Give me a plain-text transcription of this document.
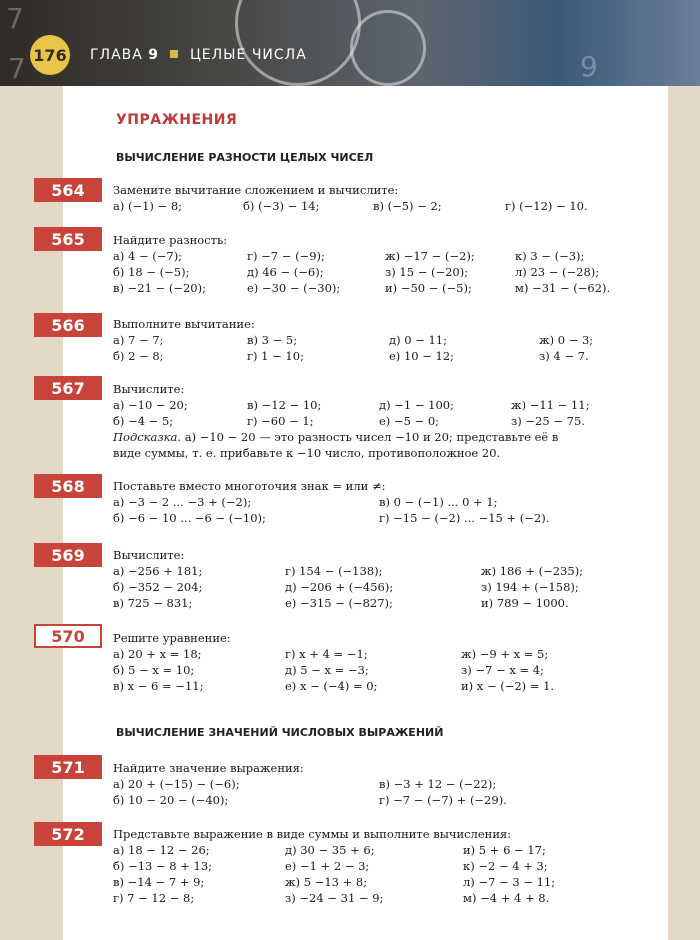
7
7	9
176 ГЛАВА 9 ЦЕЛЫЕ ЧИСЛА
УПРАЖНЕНИЯ
ВЫЧИСЛЕНИЕ РАЗНОСТИ ЦЕЛЫХ ЧИСЕЛ
564	Замените вычитание сложением и вычислите:
а) (−1) − 8;	б) (−3) − 14;	в) (−5) − 2;	г) (−12) − 10.
565	Найдите разность:
а) 4 − (−7);	г) −7 − (−9);	ж) −17 − (−2);	к) 3 − (−3);
б) 18 − (−5);	д) 46 − (−6);	з) 15 − (−20);	л) 23 − (−28);
в) −21 − (−20);	е) −30 − (−30);	и) −50 − (−5);	м) −31 − (−62).
566	Выполните вычитание:
а) 7 − 7;	в) 3 − 5;	д) 0 − 11;	ж) 0 − 3;
б) 2 − 8;	г) 1 − 10;	е) 10 − 12;	з) 4 − 7.
567	Вычислите:
а) −10 − 20;	в) −12 − 10;	д) −1 − 100;	ж) −11 − 11;
б) −4 − 5;	г) −60 − 1;	е) −5 − 0;	з) −25 − 75.
Подсказка. а) −10 − 20 — это разность чисел −10 и 20; представьте её в
виде суммы, т. е. прибавьте к −10 число, противоположное 20.
568	Поставьте вместо многоточия знак = или ≠:
а) −3 − 2 ... −3 + (−2);	в) 0 − (−1) ... 0 + 1;
б) −6 − 10 ... −6 − (−10);	г) −15 − (−2) ... −15 + (−2).
569	Вычислите:
а) −256 + 181;	г) 154 − (−138);	ж) 186 + (−235);
б) −352 − 204;	д) −206 + (−456);	з) 194 + (−158);
в) 725 − 831;	е) −315 − (−827);	и) 789 − 1000.
570	Решите уравнение:
а) 20 + x = 18;	г) x + 4 = −1;	ж) −9 + x = 5;
б) 5 − x = 10;	д) 5 − x = −3;	з) −7 − x = 4;
в) x − 6 = −11;	е) x − (−4) = 0;	и) x − (−2) = 1.
ВЫЧИСЛЕНИЕ ЗНАЧЕНИЙ ЧИСЛОВЫХ ВЫРАЖЕНИЙ
571	Найдите значение выражения:
а) 20 + (−15) − (−6);	в) −3 + 12 − (−22);
б) 10 − 20 − (−40);	г) −7 − (−7) + (−29).
572	Представьте выражение в виде суммы и выполните вычисления:
а) 18 − 12 − 26;	д) 30 − 35 + 6;	и) 5 + 6 − 17;
б) −13 − 8 + 13;	е) −1 + 2 − 3;	к) −2 − 4 + 3;
в) −14 − 7 + 9;	ж) 5 −13 + 8;	л) −7 − 3 − 11;
г) 7 − 12 − 8;	з) −24 − 31 − 9;	м) −4 + 4 + 8.
